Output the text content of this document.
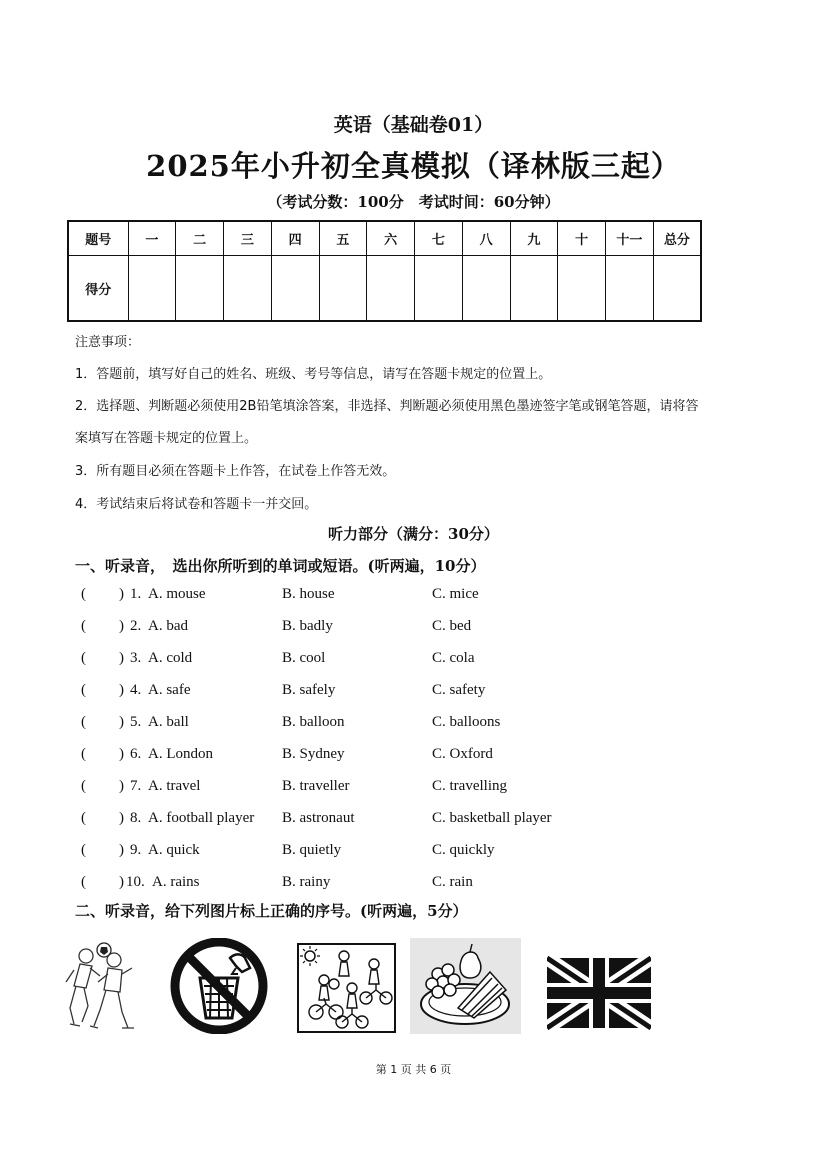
英语（基础卷01）
2025年小升初全真模拟（译林版三起）
（考试分数：100分　考试时间：60分钟）
题号	一	二	三	四	五	六	七	八	九	十	十一	总分
得分												
注意事项：
1．答题前，填写好自己的姓名、班级、考号等信息，请写在答题卡规定的位置上。
2．选择题、判断题必须使用2B铅笔填涂答案，非选择、判断题必须使用黑色墨迹签字笔或钢笔答题，请将答
案填写在答题卡规定的位置上。
3．所有题目必须在答题卡上作答，在试卷上作答无效。
4．考试结束后将试卷和答题卡一并交回。
听力部分（满分：30分）
一、听录音，　选出你所听到的单词或短语。(听两遍，10分）
( ) 1. A. mouse	B. house	C. mice
( ) 2. A. bad	B. badly	C. bed
( ) 3. A. cold	B. cool	C. cola
( ) 4. A. safe	B. safely	C. safety
( ) 5. A. ball	B. balloon	C. balloons
( ) 6. A. London	B. Sydney	C. Oxford
( ) 7. A. travel	B. traveller	C. travelling
( ) 8. A. football player B. astronaut	C. basketball player
( ) 9. A. quick	B. quietly	C. quickly
( ) 10. A. rains	B. rainy	C. rain
二、听录音，给下列图片标上正确的序号。(听两遍，5分）
第 1 页 共 6 页
